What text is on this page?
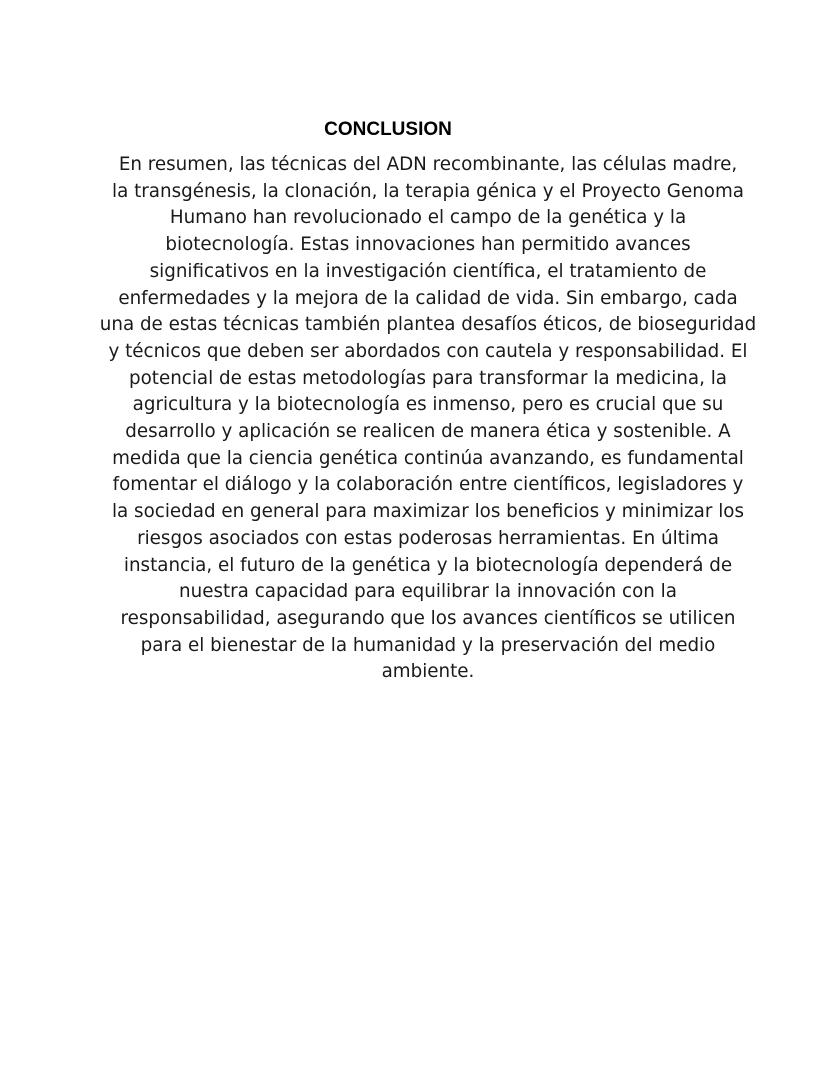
CONCLUSION
En resumen, las técnicas del ADN recombinante, las células madre,
la transgénesis, la clonación, la terapia génica y el Proyecto Genoma
Humano han revolucionado el campo de la genética y la
biotecnología. Estas innovaciones han permitido avances
significativos en la investigación científica, el tratamiento de
enfermedades y la mejora de la calidad de vida. Sin embargo, cada
una de estas técnicas también plantea desafíos éticos, de bioseguridad
y técnicos que deben ser abordados con cautela y responsabilidad. El
potencial de estas metodologías para transformar la medicina, la
agricultura y la biotecnología es inmenso, pero es crucial que su
desarrollo y aplicación se realicen de manera ética y sostenible. A
medida que la ciencia genética continúa avanzando, es fundamental
fomentar el diálogo y la colaboración entre científicos, legisladores y
la sociedad en general para maximizar los beneficios y minimizar los
riesgos asociados con estas poderosas herramientas. En última
instancia, el futuro de la genética y la biotecnología dependerá de
nuestra capacidad para equilibrar la innovación con la
responsabilidad, asegurando que los avances científicos se utilicen
para el bienestar de la humanidad y la preservación del medio
ambiente.
